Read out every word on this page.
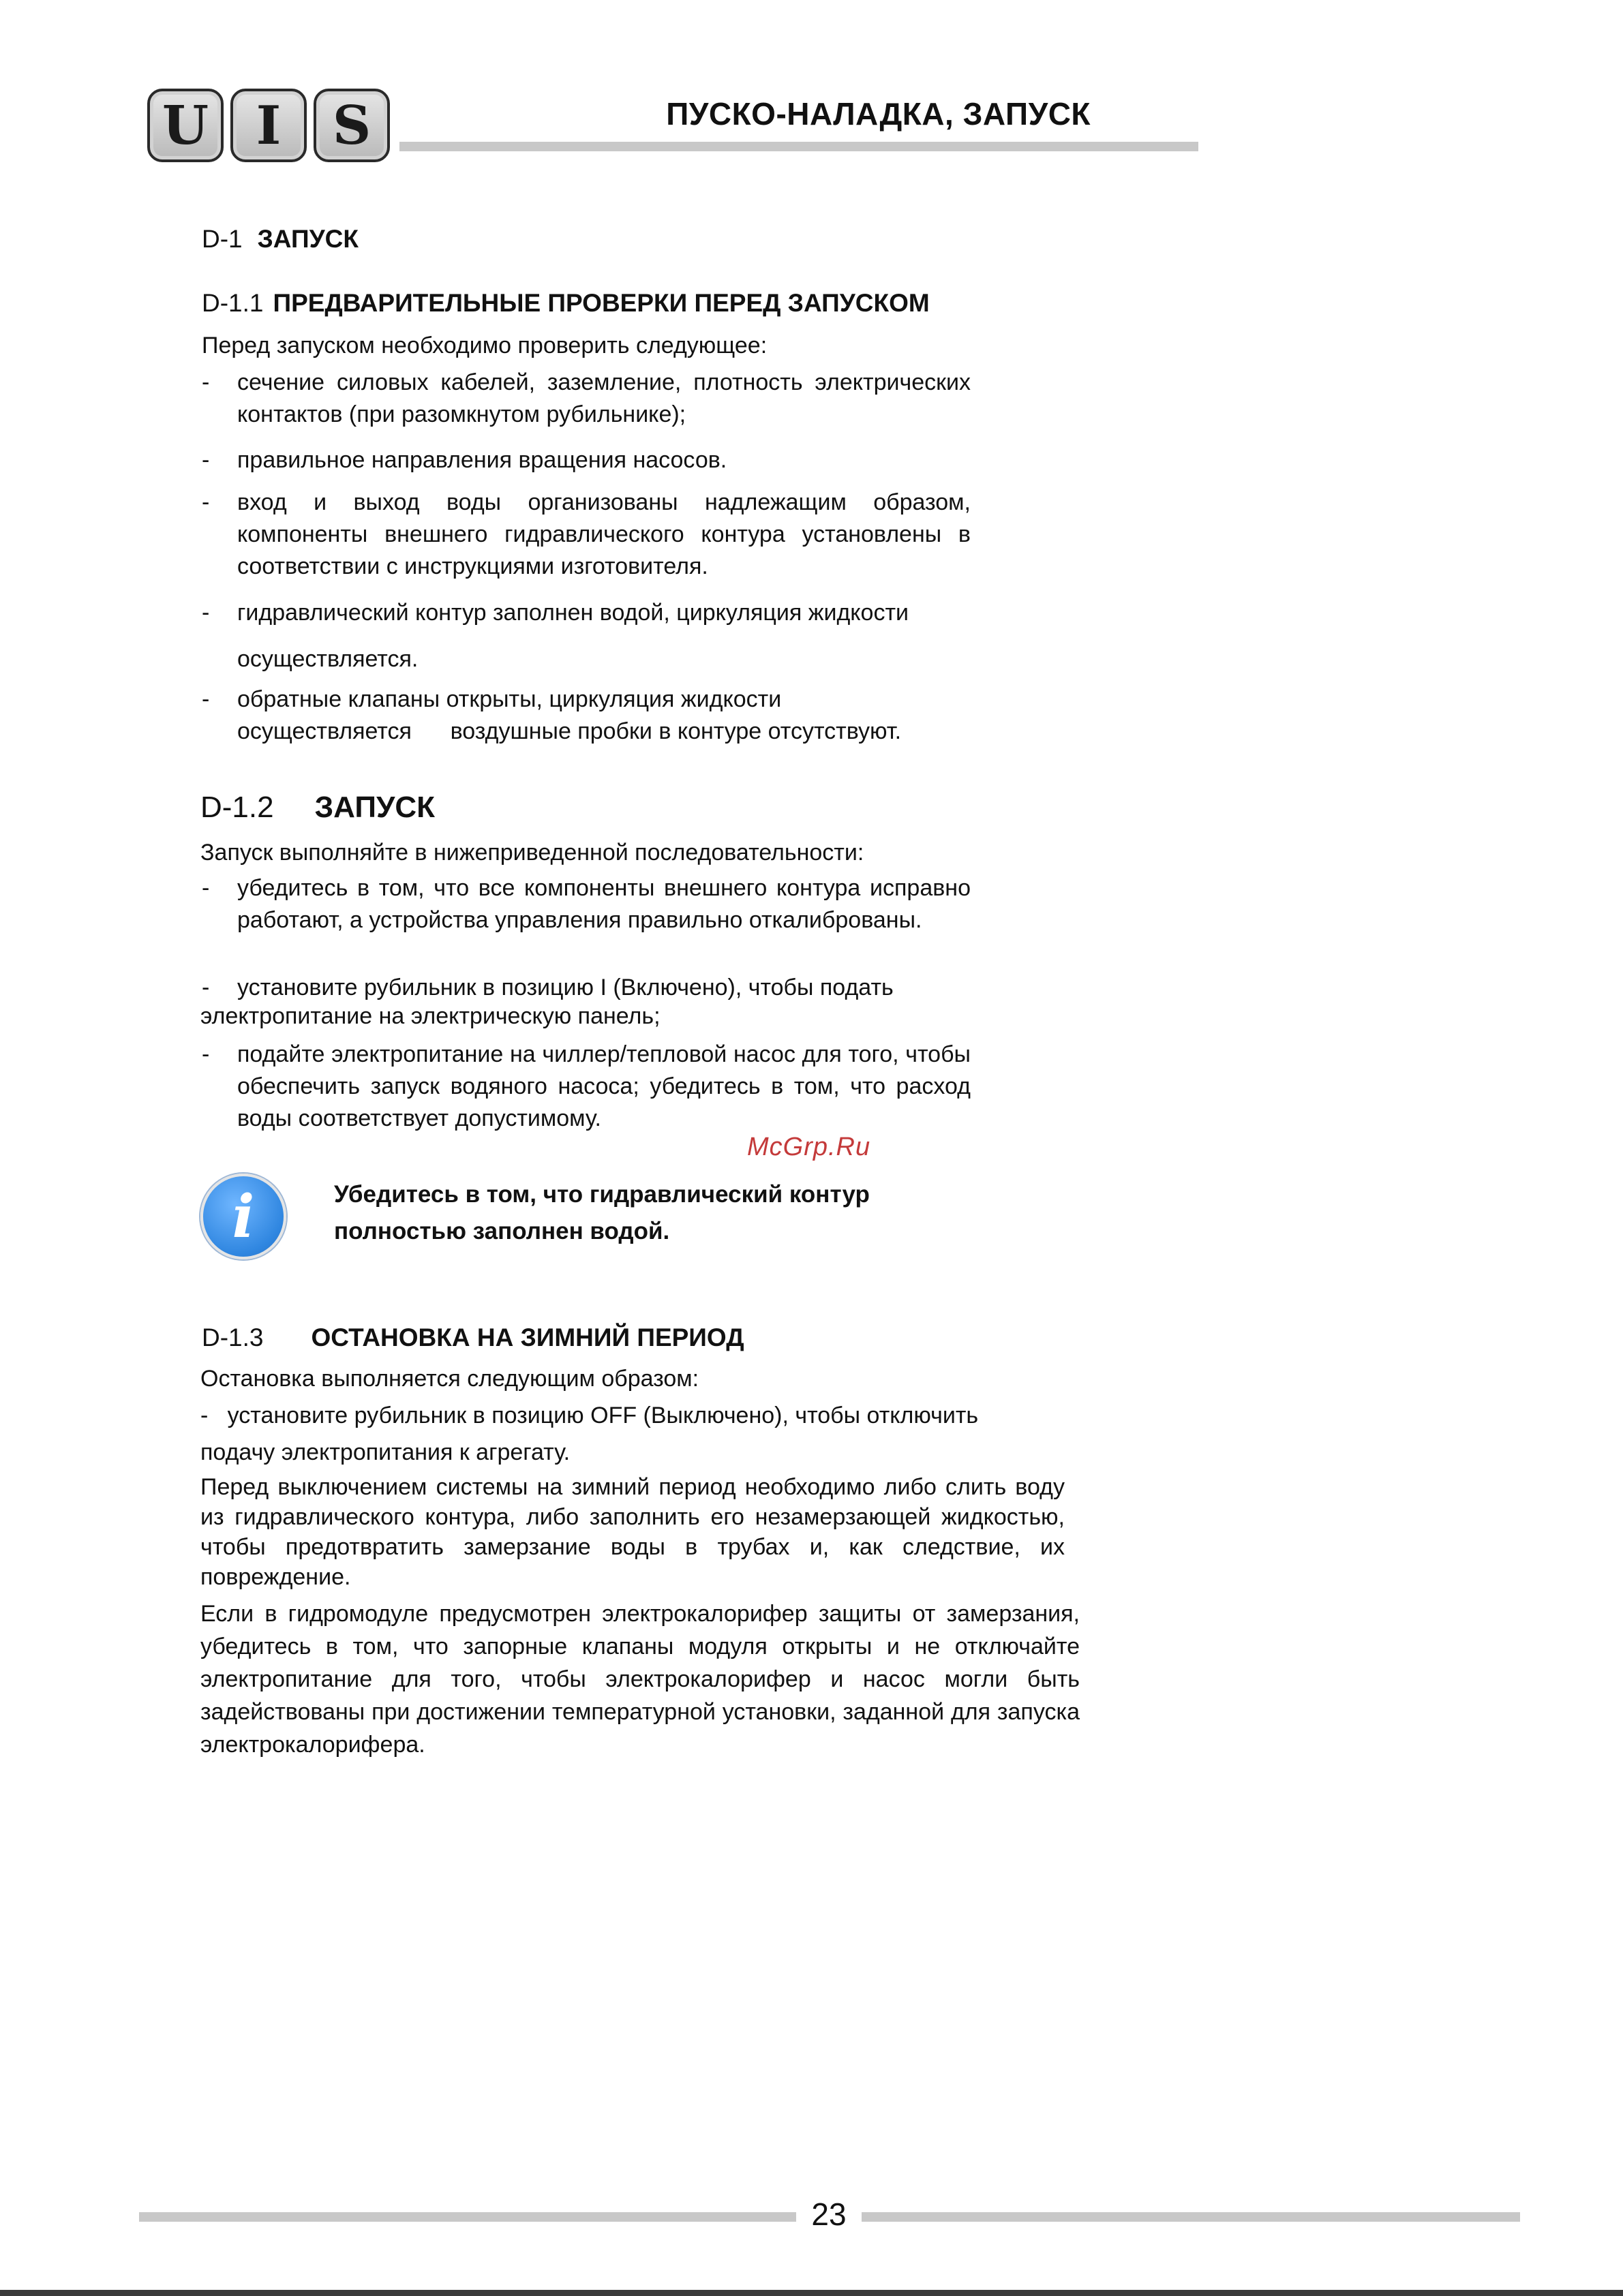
U I S	ПУСКО-НАЛАДКА, ЗАПУСК
D-1 ЗАПУСК
D-1.1 ПРЕДВАРИТЕЛЬНЫЕ ПРОВЕРКИ ПЕРЕД ЗАПУСКОМ
Перед запуском необходимо проверить следующее:
- сечение силовых кабелей, заземление, плотность электрических контактов (при разомкнутом рубильнике);
- правильное направления вращения насосов.
- вход и выход воды организованы надлежащим образом, компоненты внешнего гидравлического контура установлены в соответствии с инструкциями изготовителя.
- гидравлический контур заполнен водой, циркуляция жидкости
осуществляется.
- обратные клапаны открыты, циркуляция жидкости
осуществляется      воздушные пробки в контуре отсутствуют.
D-1.2 ЗАПУСК
Запуск выполняйте в нижеприведенной последовательности:
- убедитесь в том, что все компоненты внешнего контура исправно работают, а устройства управления правильно откалиброваны.
- установите рубильник в позицию I (Включено), чтобы подать
электропитание на электрическую панель;
- подайте электропитание на чиллер/тепловой насос для того, чтобы обеспечить запуск водяного насоса; убедитесь в том, что расход воды соответствует допустимому.
McGrp.Ru
i	Убедитесь в том, что гидравлический контур
полностью заполнен водой.
D-1.3 ОСТАНОВКА НА ЗИМНИЙ ПЕРИОД
Остановка выполняется следующим образом:
-   установите рубильник в позицию OFF (Выключено), чтобы отключить
подачу электропитания к агрегату.
Перед выключением системы на зимний период необходимо либо слить воду из гидравлического контура, либо заполнить его незамерзающей жидкостью, чтобы предотвратить замерзание воды в трубах и, как следствие, их повреждение.
Если в гидромодуле предусмотрен электрокалорифер защиты от замерзания, убедитесь в том, что запорные клапаны модуля открыты и не отключайте электропитание для того, чтобы электрокалорифер и насос могли быть задействованы при достижении температурной установки, заданной для запуска электрокалорифера.
23
